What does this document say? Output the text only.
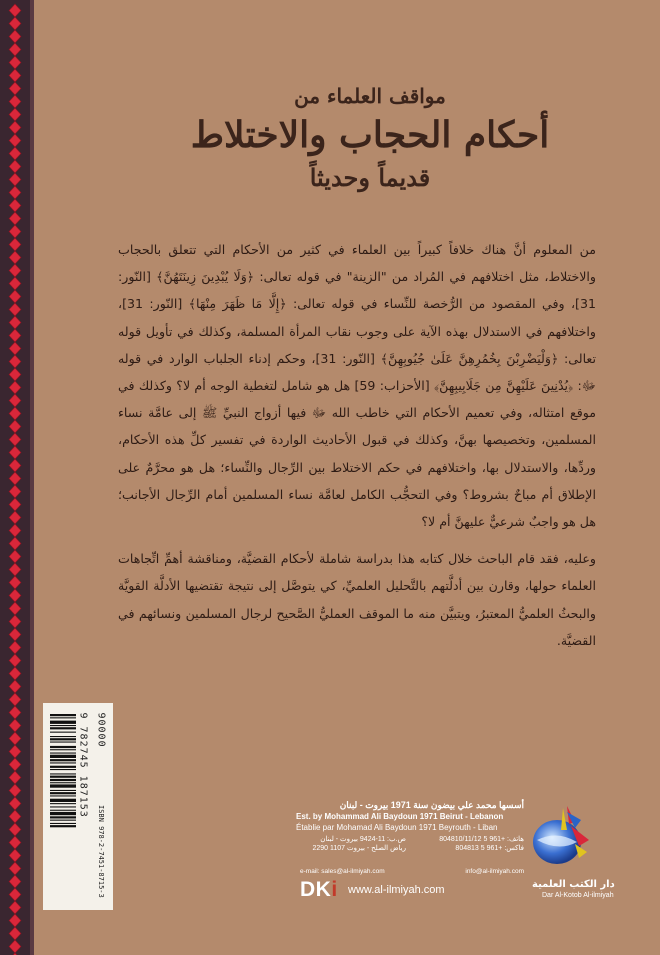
مواقف العلماء من
أحكام الحجاب والاختلاط
قديماً وحديثاً

من المعلوم أنَّ هناك خلافاً كبيراً بين العلماء في كثير من الأحكام التي تتعلق بالحجاب والاختلاط، مثل اختلافهم في المُراد من "الزينة" في قوله تعالى: ﴿وَلَا يُبْدِينَ زِينَتَهُنَّ﴾ [النّور: 31]، وفي المقصود من الرُّخصة للنِّساء في قوله تعالى: ﴿إِلَّا مَا ظَهَرَ مِنْهَا﴾ [النّور: 31]، واختلافهم في الاستدلال بهذه الآية على وجوب نقاب المرأة المسلمة، وكذلك في تأويل قوله تعالى: ﴿وَلْيَضْرِبْنَ بِخُمُرِهِنَّ عَلَىٰ جُيُوبِهِنَّ﴾ [النّور: 31]، وحكم إدناء الجلباب الوارد في قوله ﷻ: ﴿يُدْنِينَ عَلَيْهِنَّ مِن جَلَابِيبِهِنَّ﴾ [الأحزاب: 59] هل هو شامل لتغطية الوجه أم لا؟ وكذلك في موقع امتثاله، وفي تعميم الأحكام التي خاطب الله ﷻ فيها أزواج النبيِّ ﷺ إلى عامَّة نساء المسلمين، وتخصيصها بهنَّ، وكذلك في قبول الأحاديث الواردة في تفسير كلِّ هذه الأحكام، وردِّها، والاستدلال بها، واختلافهم في حكم الاختلاط بين الرِّجال والنِّساء؛ هل هو محرَّمٌ على الإطلاق أم مباحٌ بشروط؟ وفي التحجُّب الكامل لعامَّة نساء المسلمين أمام الرِّجال الأجانب؛ هل هو واجبٌ شرعيٌّ عليهنَّ أم لا؟

وعليه، فقد قام الباحث خلال كتابه هذا بدراسة شاملة لأحكام القضيَّة، ومناقشة أهمِّ اتِّجاهات العلماء حولها، وقارن بين أدلَّتهم بالتَّحليل العلميِّ، كي يتوصَّل إلى نتيجة تقتضيها الأدلَّة القويَّة والبحثُ العلميُّ المعتبرُ، ويتبيَّن منه ما الموقف العمليُّ الصَّحيح لرجال المسلمين ونسائهم في القضيَّة.

9 782745 187153
ISBN 978-2-7451-8715-3
90000
أسسها محمد علي بيضون سنة 1971 بيروت - لبنان
Est. by Mohammad Ali Baydoun 1971 Beirut - Lebanon
Établie par Mohamad Ali Baydoun 1971 Beyrouth - Liban
ص.ب: 11-9424 بيروت - لبنان
رياض الصلح - بيروت 1107 2290
هاتف: +961 5 804810/11/12
فاكس: +961 5 804813
e-mail: sales@al-ilmiyah.com	info@al-ilmiyah.com
DKi www.al-ilmiyah.com	دار الكتب العلمية
Dar Al-Kotob Al-ilmiyah
